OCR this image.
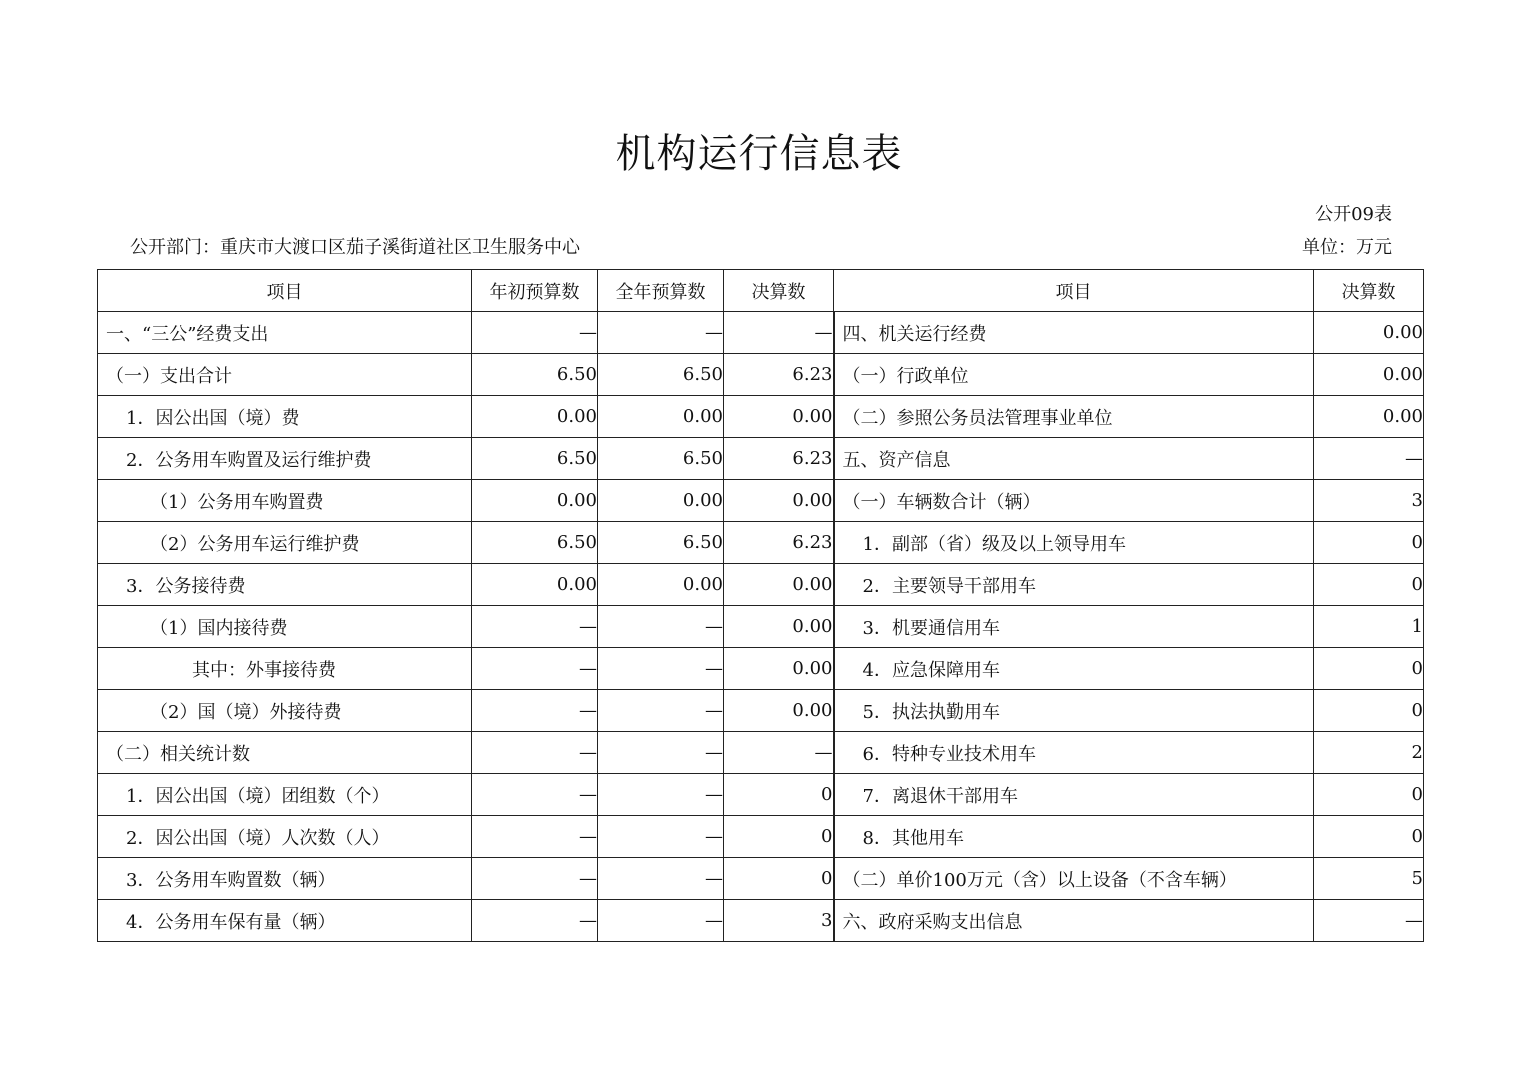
机构运行信息表
公开09表
公开部门：重庆市大渡口区茄子溪街道社区卫生服务中心	单位：万元
项目	年初预算数	全年预算数	决算数	项目	决算数
一、“三公”经费支出	—	—	—	四、机关运行经费	0.00
（一）支出合计	6.50	6.50	6.23	（一）行政单位	0.00
1．因公出国（境）费	0.00	0.00	0.00	（二）参照公务员法管理事业单位	0.00
2．公务用车购置及运行维护费	6.50	6.50	6.23	五、资产信息	—
（1）公务用车购置费	0.00	0.00	0.00	（一）车辆数合计（辆）	3
（2）公务用车运行维护费	6.50	6.50	6.23	1．副部（省）级及以上领导用车	0
3．公务接待费	0.00	0.00	0.00	2．主要领导干部用车	0
（1）国内接待费	—	—	0.00	3．机要通信用车	1
其中：外事接待费	—	—	0.00	4．应急保障用车	0
（2）国（境）外接待费	—	—	0.00	5．执法执勤用车	0
（二）相关统计数	—	—	—	6．特种专业技术用车	2
1．因公出国（境）团组数（个）	—	—	0	7．离退休干部用车	0
2．因公出国（境）人次数（人）	—	—	0	8．其他用车	0
3．公务用车购置数（辆）	—	—	0	（二）单价100万元（含）以上设备（不含车辆）	5
4．公务用车保有量（辆）	—	—	3	六、政府采购支出信息	—
